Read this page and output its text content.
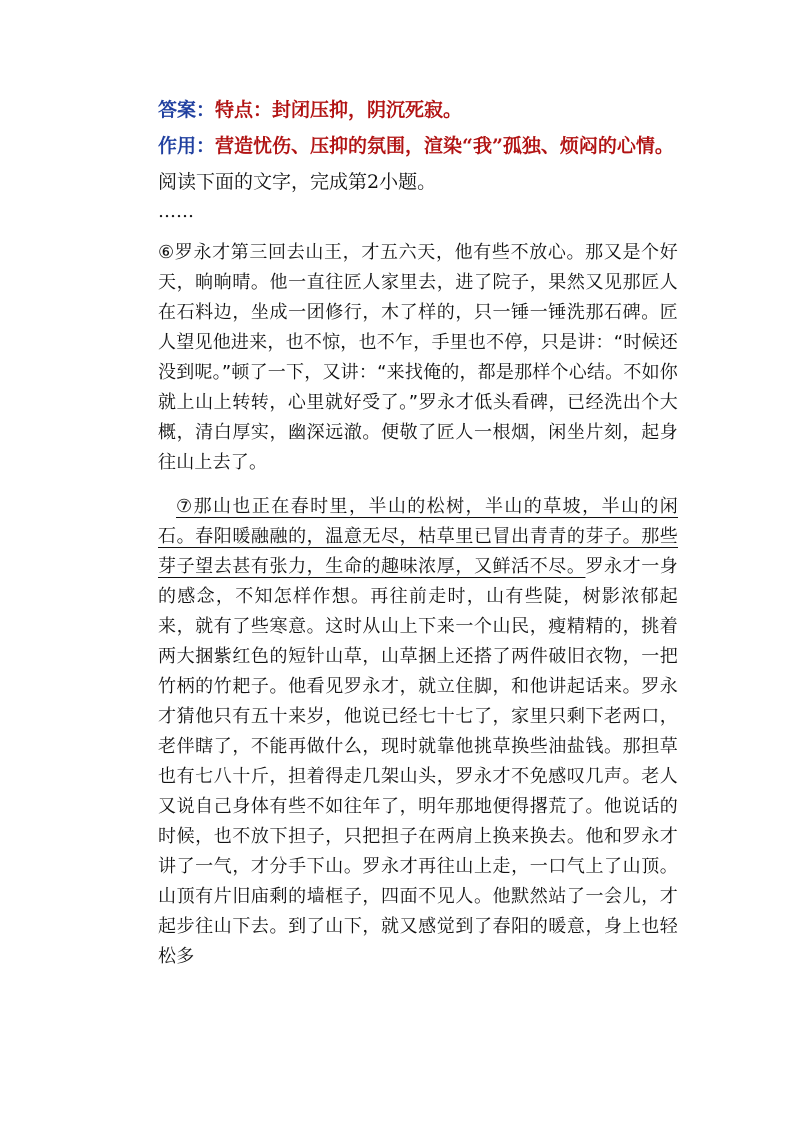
答案：特点：封闭压抑，阴沉死寂。
作用：营造忧伤、压抑的氛围，渲染“我”孤独、烦闷的心情。
阅读下面的文字，完成第2小题。
……

⑥罗永才第三回去山王，才五六天，他有些不放心。那又是个好天，晌晌晴。他一直往匠人家里去，进了院子，果然又见那匠人在石料边，坐成一团修行，木了样的，只一锤一锤洗那石碑。匠人望见他进来，也不惊，也不乍，手里也不停，只是讲：“时候还没到呢。”顿了一下，又讲：“来找俺的，都是那样个心结。不如你就上山上转转，心里就好受了。”罗永才低头看碑，已经洗出个大概，清白厚实，幽深远澈。便敬了匠人一根烟，闲坐片刻，起身往山上去了。

⑦那山也正在春时里，半山的松树，半山的草坡，半山的闲石。春阳暖融融的，温意无尽，枯草里已冒出青青的芽子。那些芽子望去甚有张力，生命的趣味浓厚，又鲜活不尽。罗永才一身的感念，不知怎样作想。再往前走时，山有些陡，树影浓郁起来，就有了些寒意。这时从山上下来一个山民，瘦精精的，挑着两大捆紫红色的短针山草，山草捆上还搭了两件破旧衣物，一把竹柄的竹耙子。他看见罗永才，就立住脚，和他讲起话来。罗永才猜他只有五十来岁，他说已经七十七了，家里只剩下老两口，老伴瞎了，不能再做什么，现时就靠他挑草换些油盐钱。那担草也有七八十斤，担着得走几架山头，罗永才不免感叹几声。老人又说自己身体有些不如往年了，明年那地便得撂荒了。他说话的时候，也不放下担子，只把担子在两肩上换来换去。他和罗永才讲了一气，才分手下山。罗永才再往山上走，一口气上了山顶。山顶有片旧庙剩的墙框子，四面不见人。他默然站了一会儿，才起步往山下去。到了山下，就又感觉到了春阳的暖意，身上也轻松多
